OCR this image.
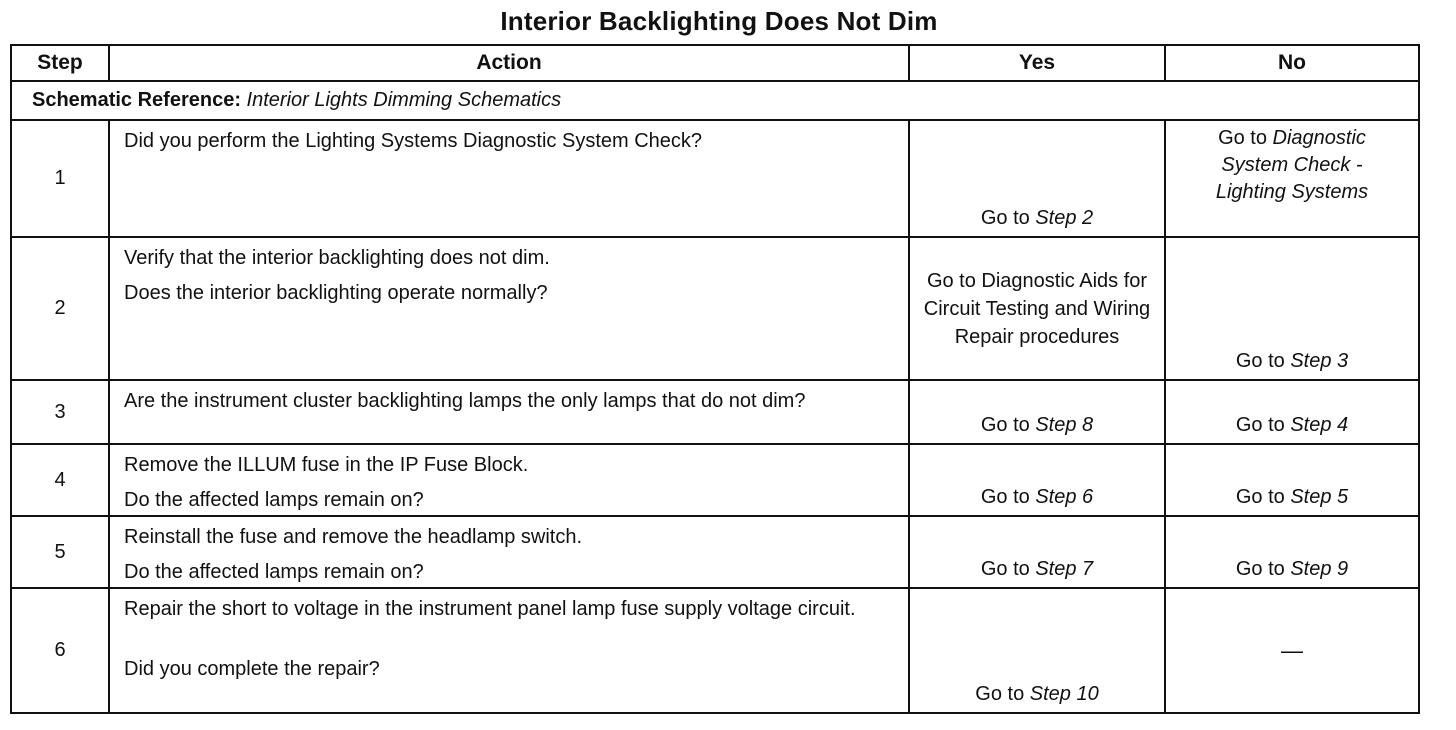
Interior Backlighting Does Not Dim
Step	Action	Yes	No
Schematic Reference: Interior Lights Dimming Schematics			
1	Did you perform the Lighting Systems Diagnostic System Check?	Go to Step 2	Go to Diagnostic System Check - Lighting Systems

2	Verify that the interior backlighting does not dim.

Does the interior backlighting operate normally?	Go to Diagnostic Aids for Circuit Testing and Wiring Repair procedures	Go to Step 3

3	Are the instrument cluster backlighting lamps the only lamps that do not dim?	Go to Step 8	Go to Step 4

4	Remove the ILLUM fuse in the IP Fuse Block.

Do the affected lamps remain on?	Go to Step 6	Go to Step 5

5	Reinstall the fuse and remove the headlamp switch.

Do the affected lamps remain on?	Go to Step 7	Go to Step 9

6	Repair the short to voltage in the instrument panel lamp fuse supply voltage circuit.

Did you complete the repair?	Go to Step 10	—
